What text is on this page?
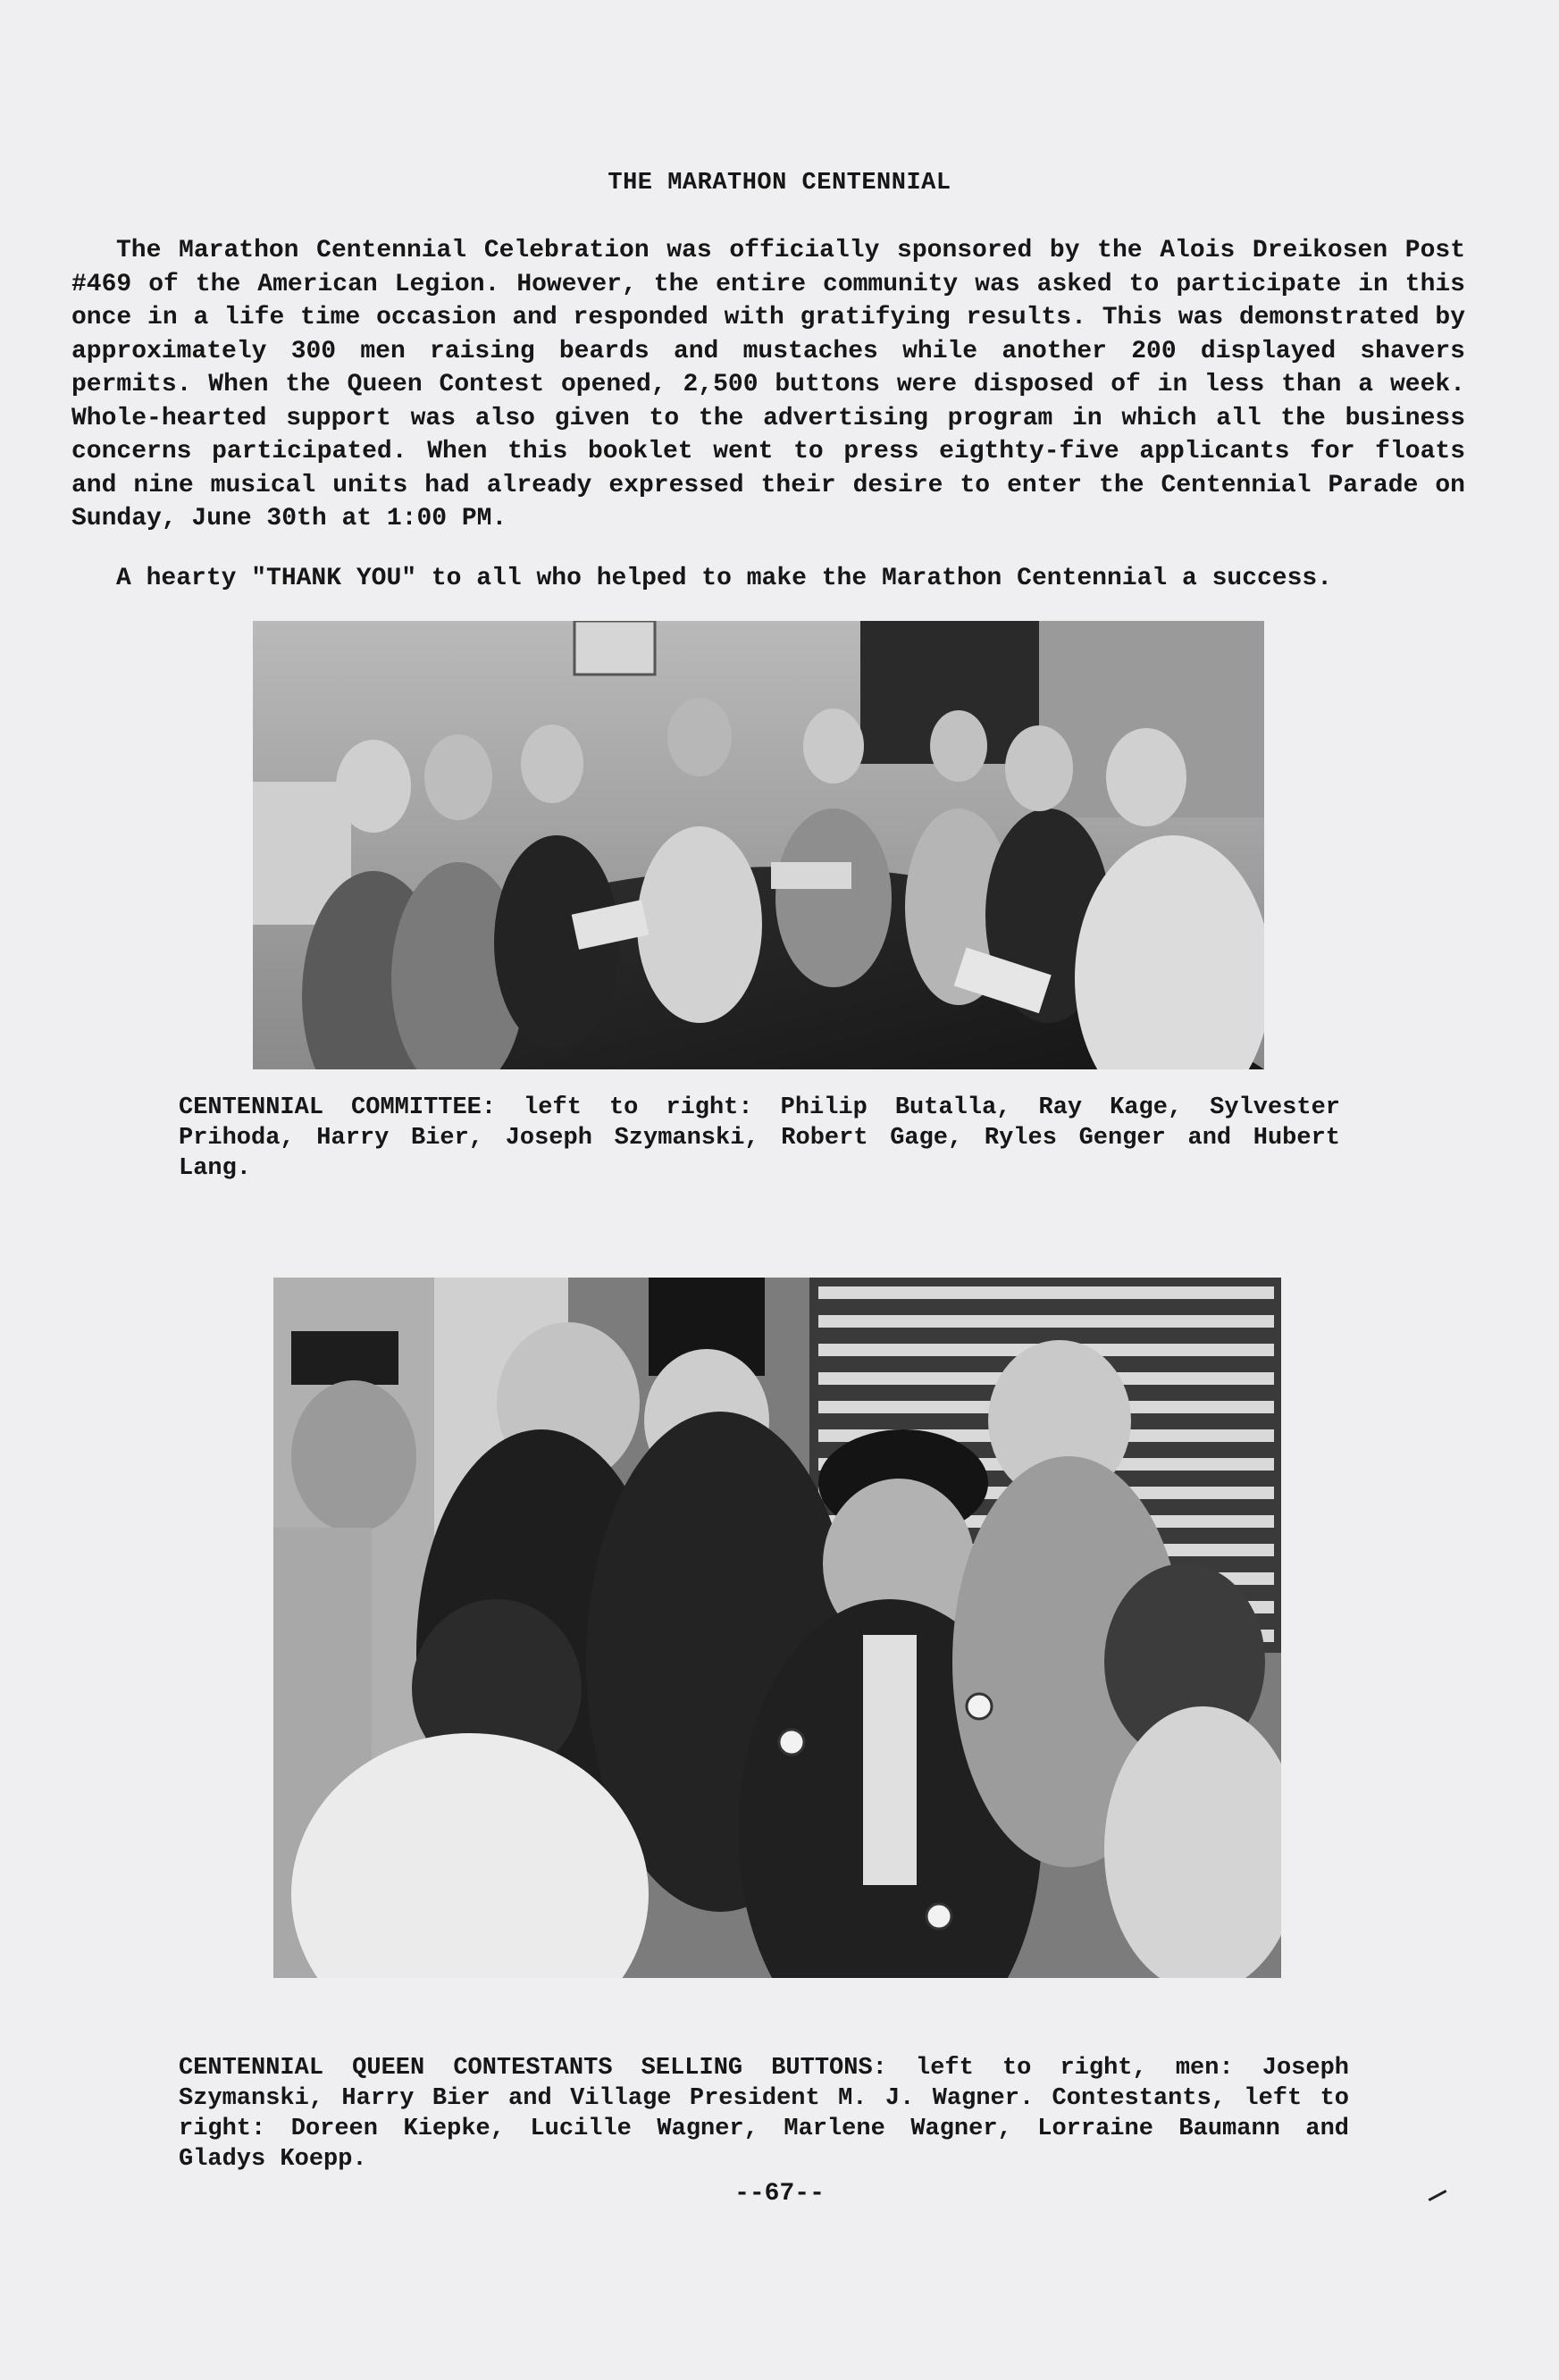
THE MARATHON CENTENNIAL

The Marathon Centennial Celebration was officially sponsored by the Alois Dreikosen Post #469 of the American Legion. However, the entire community was asked to participate in this once in a life time occasion and responded with gratifying results. This was demonstrated by approximately 300 men raising beards and mustaches while another 200 displayed shavers permits. When the Queen Contest opened, 2,500 buttons were disposed of in less than a week. Whole-hearted support was also given to the advertising program in which all the business concerns participated. When this booklet went to press eigthty-five applicants for floats and nine musical units had already expressed their desire to enter the Centennial Parade on Sunday, June 30th at 1:00 PM.

A hearty "THANK YOU" to all who helped to make the Marathon Centennial a success.

CENTENNIAL COMMITTEE: left to right: Philip Butalla, Ray Kage, Sylvester Prihoda, Harry Bier, Joseph Szymanski, Robert Gage, Ryles Genger and Hubert Lang.

CENTENNIAL QUEEN CONTESTANTS SELLING BUTTONS: left to right, men: Joseph Szymanski, Harry Bier and Village President M. J. Wagner. Contestants, left to right: Doreen Kiepke, Lucille Wagner, Marlene Wagner, Lorraine Baumann and Gladys Koepp.

--67--
